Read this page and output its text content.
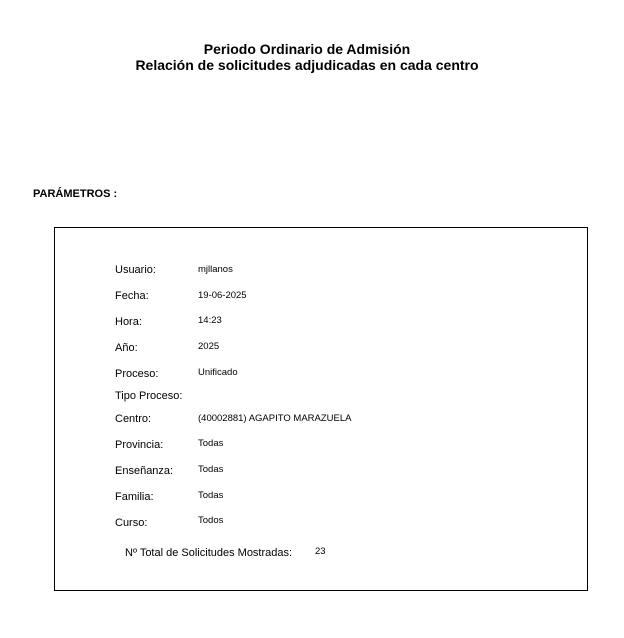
Periodo Ordinario de Admisión
Relación de solicitudes adjudicadas en cada centro
PARÁMETROS :
Usuario:	mjllanos
Fecha:	19-06-2025
Hora:	14:23
Año:	2025
Proceso:	Unificado
Tipo Proceso:
Centro:	(40002881) AGAPITO MARAZUELA
Provincia:	Todas
Enseñanza:	Todas
Familia:	Todas
Curso:	Todos
Nº Total de Solicitudes Mostradas: 23
